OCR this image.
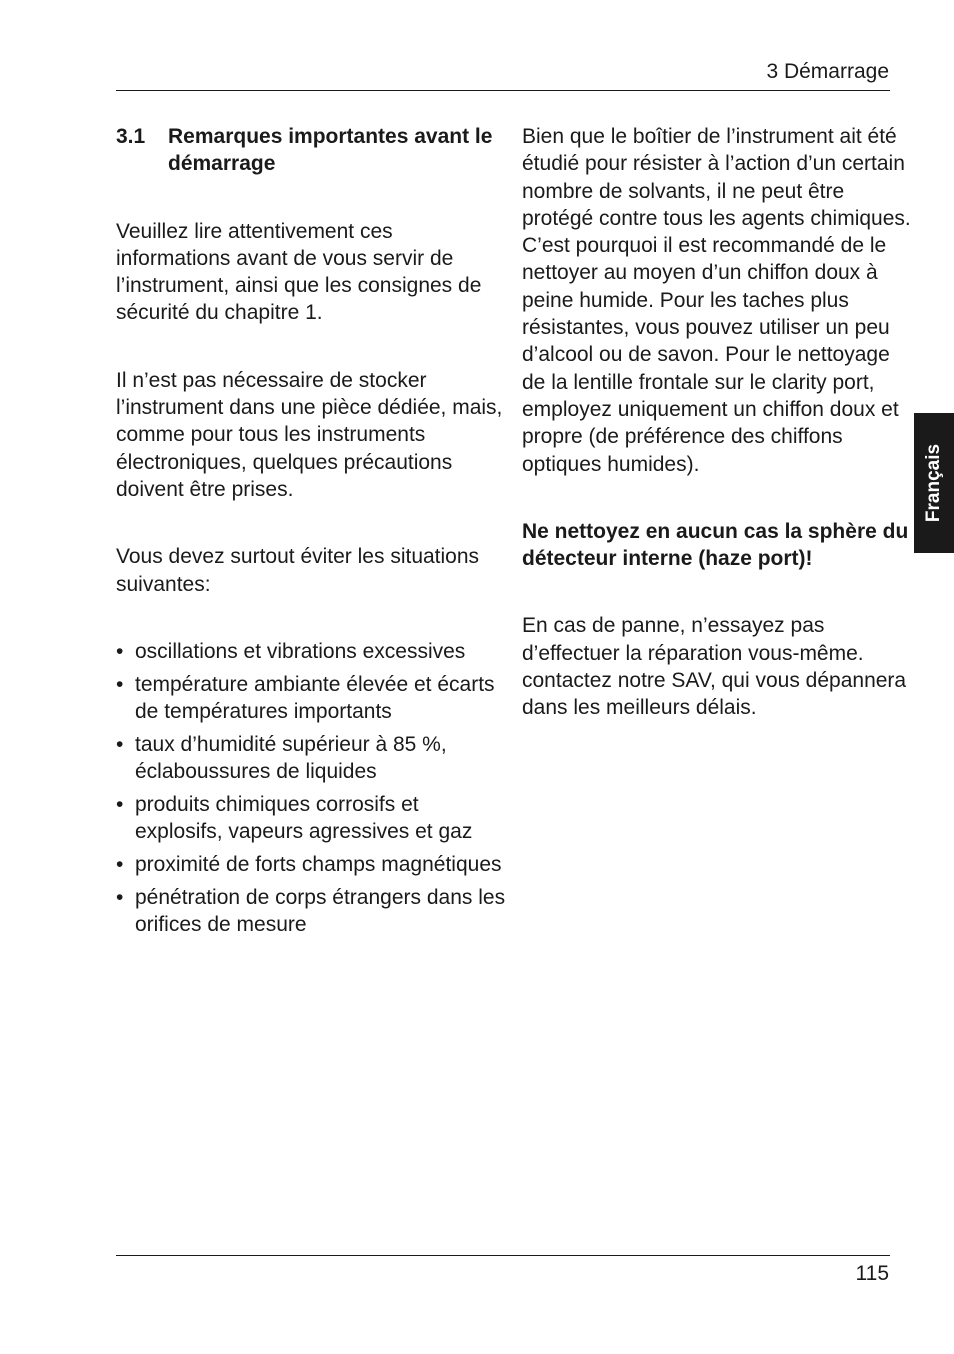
3 Démarrage
3.1	Remarques importantes avant le démarrage

Veuillez lire attentivement ces informations avant de vous servir de l’instrument, ainsi que les consignes de sécurité du chapitre 1.

Il n’est pas nécessaire de stocker l’instrument dans une pièce dédiée, mais, comme pour tous les instruments électroniques, quelques précautions doivent être prises.

Vous devez surtout éviter les situations suivantes:

• oscillations et vibrations excessives
• température ambiante élevée et écarts de températures importants
• taux d’humidité supérieur à 85 %, éclaboussures de liquides
• produits chimiques corrosifs et explosifs, vapeurs agressives et gaz
• proximité de forts champs magnétiques
• pénétration de corps étrangers dans les orifices de mesure

Bien que le boîtier de l’instrument ait été étudié pour résister à l’action d’un certain nombre de solvants, il ne peut être protégé contre tous les agents chimiques. C’est pourquoi il est recommandé de le nettoyer au moyen d’un chiffon doux à peine humide. Pour les taches plus résistantes, vous pouvez utiliser un peu d’alcool ou de savon. Pour le nettoyage de la lentille frontale sur le clarity port, employez uniquement un chiffon doux et propre (de préférence des chiffons optiques humides).

Ne nettoyez en aucun cas la sphère du détecteur interne (haze port)!

En cas de panne, n’essayez pas d’effectuer la réparation vous-même. contactez notre SAV, qui vous dépannera dans les meilleurs délais.

Français
115
